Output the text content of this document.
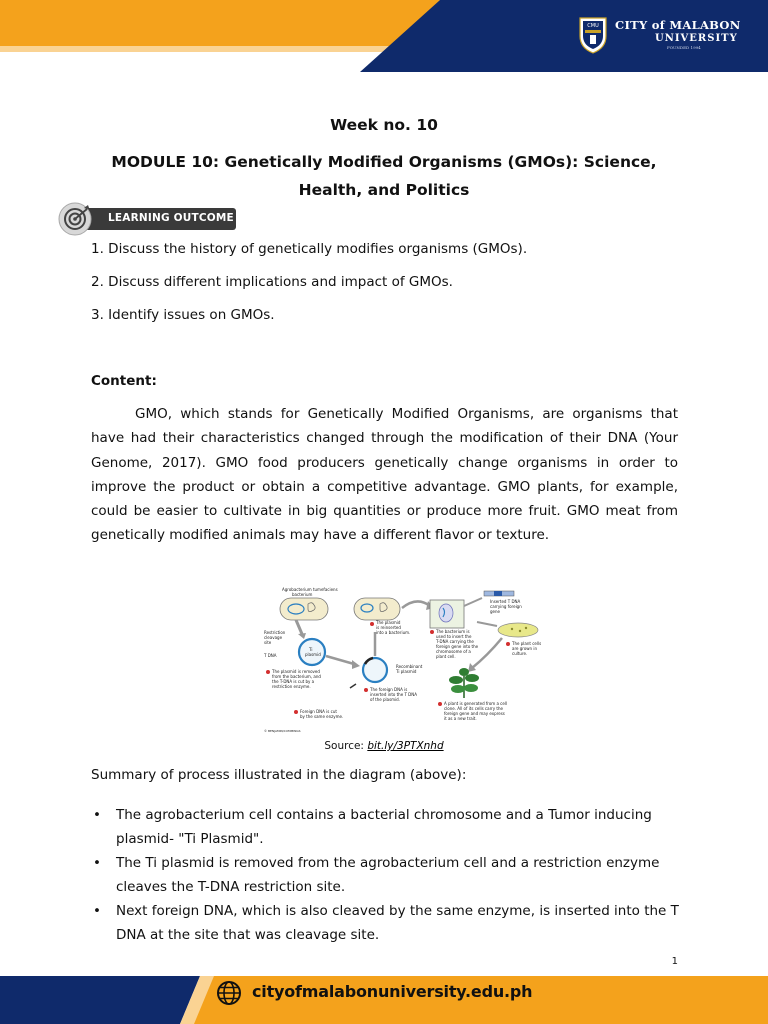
CMU CITY of MALABON
UNIVERSITY
FOUNDED 1994
Week no. 10
MODULE 10: Genetically Modified Organisms (GMOs): Science, Health, and Politics
LEARNING OUTCOME
1. Discuss the history of genetically modifies organisms (GMOs).
2. Discuss different implications and impact of GMOs.
3. Identify issues on GMOs.
Content:

GMO, which stands for Genetically Modified Organisms, are organisms that have had their characteristics changed through the modification of their DNA (Your Genome, 2017). GMO food producers genetically change organisms in order to improve the product or obtain a competitive advantage. GMO plants, for example, could be easier to cultivate in big quantities or produce more fruit. GMO meat from genetically modified animals may have a different flavor or texture.

Agrobacterium tumefaciens
bacterium
Ti
plasmid
Restriction
cleavage
site
T DNA
The plasmid is removed
from the bacterium, and
the T-DNA is cut by a
restriction enzyme.
Foreign DNA is cut
by the same enzyme.
Recombinant
Ti plasmid
The foreign DNA is
inserted into the T DNA
of the plasmid.
The plasmid
is reinserted
into a bacterium.	The bacterium is
used to insert the
T-DNA carrying the
foreign gene into the
chromosome of a
plant cell.
Inserted T DNA
carrying foreign
gene
The plant cells
are grown in
culture.
A plant is generated from a cell
clone. All of its cells carry the
foreign gene and may express
it as a new trait.
© BENJAMIN/CUMMINGS
Source: bit.ly/3PTXnhd
Summary of process illustrated in the diagram (above):
• The agrobacterium cell contains a bacterial chromosome and a Tumor inducing plasmid- "Ti Plasmid".
• The Ti plasmid is removed from the agrobacterium cell and a restriction enzyme cleaves the T-DNA restriction site.
• Next foreign DNA, which is also cleaved by the same enzyme, is inserted into the T DNA at the site that was cleavage site.
1
cityofmalabonuniversity.edu.ph
